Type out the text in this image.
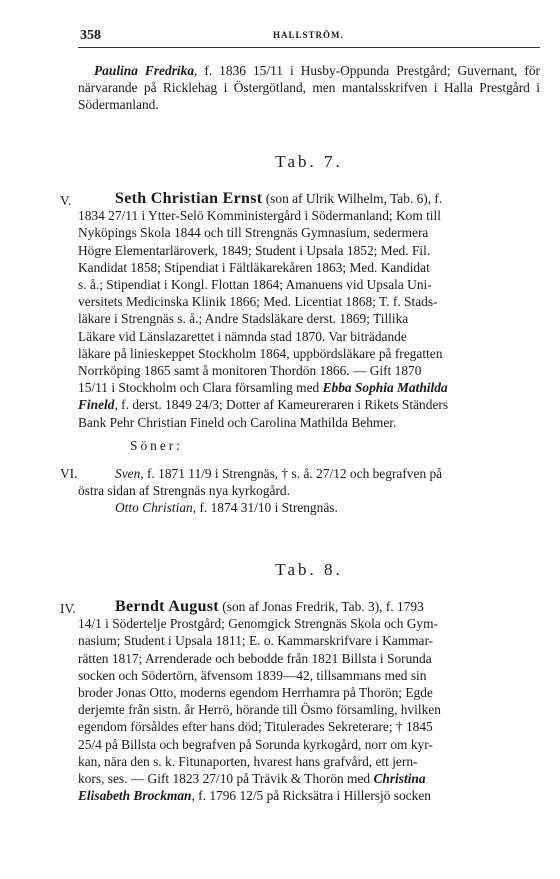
358	HALLSTRÖM.
Paulina Fredrika, f. 1836 15/11 i Husby-Oppunda Prestgård; Guvernant, för närvarande på Ricklehag i Östergötland, men mantalsskrifven i Halla Prestgård i Södermanland.
Tab. 7.
V.	Seth Christian Ernst (son af Ulrik Wilhelm, Tab. 6), f.
1834 27/11 i Ytter-Selö Komministergård i Södermanland; Kom till
Nyköpings Skola 1844 och till Strengnäs Gymnasium, sedermera
Högre Elementarläroverk, 1849; Student i Upsala 1852; Med. Fil.
Kandidat 1858; Stipendiat i Fältläkarekåren 1863; Med. Kandidat
s. å.; Stipendiat i Kongl. Flottan 1864; Amanuens vid Upsala Uni-
versitets Medicinska Klinik 1866; Med. Licentiat 1868; T. f. Stads-
läkare i Strengnäs s. å.; Andre Stadsläkare derst. 1869; Tillika
Läkare vid Länslazarettet i nämnda stad 1870. Var biträdande
läkare på linieskeppet Stockholm 1864, uppbördsläkare på fregatten
Norrköping 1865 samt å monitoren Thordön 1866. — Gift 1870
15/11 i Stockholm och Clara församling med Ebba Sophia Mathilda
Fineld, f. derst. 1849 24/3; Dotter af Kameureraren i Rikets Ständers
Bank Pehr Christian Fineld och Carolina Mathilda Behmer.
Söner:
VI.	Sven, f. 1871 11/9 i Strengnäs, † s. å. 27/12 och begrafven på
östra sidan af Strengnäs nya kyrkogård.
Otto Christian, f. 1874 31/10 i Strengnäs.
Tab. 8.
IV.	Berndt August (son af Jonas Fredrik, Tab. 3), f. 1793
14/1 i Södertelje Prostgård; Genomgick Strengnäs Skola och Gym-
nasium; Student i Upsala 1811; E. o. Kammarskrifvare i Kammar-
rätten 1817; Arrenderade och bebodde från 1821 Billsta i Sorunda
socken och Södertörn, äfvensom 1839—42, tillsammans med sin
broder Jonas Otto, moderns egendom Herrhamra på Thorön; Egde
derjemte från sistn. år Herrö, hörande till Ösmo församling, hvilken
egendom försåldes efter hans död; Titulerades Sekreterare; † 1845
25/4 på Billsta och begrafven på Sorunda kyrkogård, norr om kyr-
kan, nära den s. k. Fitunaporten, hvarest hans grafvård, ett jern-
kors, ses. — Gift 1823 27/10 på Trävik & Thorön med Christina
Elisabeth Brockman, f. 1796 12/5 på Ricksätra i Hillersjö socken
